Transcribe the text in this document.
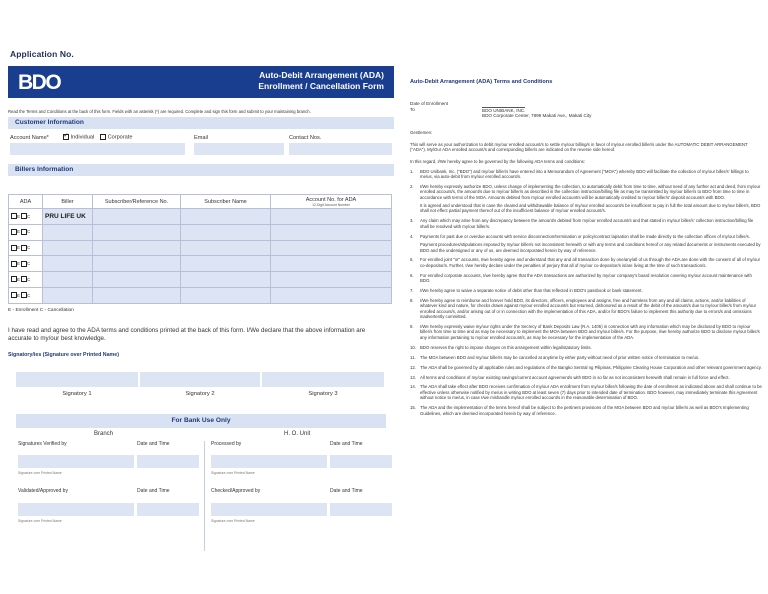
Application No.
BDO	Auto-Debit Arrangement (ADA)
Enrollment / Cancellation Form
Read the Terms and Conditions at the back of this form. Fields with an asterisk (*) are required. Complete and sign this form and submit to your maintaining branch.
Customer Information
Account Name* ✓	Individual	Corporate	Email	Contact Nos.
Billers Information
ADA	Biller	Subscriber/Reference No.	Subscriber Name	Account No. for ADA
12-Digit Account Number

E C	PRU LIFE UK			
E C				
E C				
E C				
E C				
E C				
E - Enrollment C - Cancellation
I have read and agree to the ADA terms and conditions printed at the back of this form. I/We declare that the above information are accurate to my/our best knowledge.
Signatory/ies (Signature over Printed Name)
Signatory 1	Signatory 2	Signatory 3
For Bank Use Only
Branch	H. O. Unit
Signatures Verified by	Date and Time	Processed by	Date and Time
Signature over Printed Name	Signature over Printed Name
Validated/Approved by	Date and Time	Checked/Approved by	Date and Time
Signature over Printed Name	Signature over Printed Name
Auto-Debit Arrangement (ADA) Terms and Conditions
Date of Enrollment
To	BDO UNIBANK, INC.
BDO Corporate Center, 7899 Makati Ave., Makati City
Gentlemen:
This will serve as your authorization to debit my/our enrolled account/s to settle my/our billing/s in favor of my/our enrolled biller/s under the AUTOMATIC DEBIT ARRANGEMENT ("ADA"). My/Our ADA enrolled account/s and corresponding biller/s are indicated on the reverse side hereof.
In this regard, I/We hereby agree to be governed by the following ADA terms and conditions:
1. BDO Unibank, Inc. ("BDO") and my/our biller/s have entered into a Memorandum of Agreement ("MOA") whereby BDO will facilitate the collection of my/our biller/s' billings to me/us, via auto-debit from my/our enrolled account/s.
2. I/We hereby expressly authorize BDO, unless change of implementing the collection, to automatically debit from time to time, without need of any further act and deed, from my/our enrolled account/s, the amount/s due to my/our biller/s as described in the collection instruction/billing file as may be transmitted by my/our biller/s to BDO from time to time in accordance with terms of the MOA. Amounts debited from my/our enrolled account/s will be automatically credited to my/our biller/s' deposit account/s with BDO.
It is agreed and understood that in case the cleared and withdrawable balance of my/our enrolled account/s be insufficient to pay in full the total amount due to my/our biller/s, BDO shall not effect partial payment thereof out of the insufficient balance of my/our enrolled account/s.
3. Any claim which may arise from any discrepancy between the amount/s debited from my/our enrolled account/s and that stated in my/our biller/s' collection instruction/billing file shall be resolved with my/our biller/s.
4. Payments for past due or overdue accounts with service disconnection/termination or policy/contract lapsation shall be made directly to the collection offices of my/our biller/s.
Payment procedures/stipulations imposed by my/our biller/s not inconsistent herewith or with any terms and conditions hereof or any related documents or instruments executed by BDO and the undersigned or any of us, are deemed incorporated herein by way of reference.
5. For enrolled joint "or" accounts, I/we hereby agree and understand that any and all transaction done by one/any/all of us through the ADA are done with the consent of all of my/our co-depositor/s. Further, I/we hereby declare under the penalties of perjury that all of my/our co-depositor/s is/are living at the time of such transaction/s.
6. For enrolled corporate accounts, I/we hereby agree that the ADA transactions are authorized by my/our company's board resolution covering my/our account maintenance with BDO.
7. I/We hereby agree to waive a separate notice of debit other than that reflected in BDO's passbook or bank statement.
8. I/We hereby agree to reimburse and forever hold BDO, its directors, officers, employees and assigns, free and harmless from any and all claims, actions, and/or liabilities of whatever kind and nature, for checks drawn against my/our enrolled account/s but returned, dishonored as a result of the debit of the amount/s due to my/our biller/s from my/our enrolled account/s, and/or arising out of or in connection with the implementation of this ADA, and/or for BDO's failure to implement this authority due to errors/s and omissions inadvertently committed.
9. I/We hereby expressly waive my/our rights under the Secrecy of Bank Deposits Law (R.A. 1405) in connection with any information which may be disclosed by BDO to my/our biller/s from time to time and as may be necessary to implement the MOA between BDO and my/our biller/s. For the purpose, I/we hereby authorize BDO to disclose my/our biller/s any information pertaining to my/our enrolled account/s, as may be necessary for the implementation of the ADA.
10. BDO reserves the right to impose charges on this arrangement within legal/statutory limits.
11. The MOA between BDO and my/our biller/s may be cancelled at anytime by either party without need of prior written notice of termination to me/us.
12. The ADA shall be governed by all applicable rules and regulations of the Bangko Sentral ng Pilipinas, Philippine Clearing House Corporation and other relevant government agency.
13. All terms and conditions of my/our existing savings/current account agreement/s with BDO in so far as not inconsistent herewith shall remain in full force and effect.
14. The ADA shall take effect after BDO receives confirmation of my/our ADA enrollment from my/our biller/s following the date of enrollment as indicated above and shall continue to be effective unless otherwise notified by me/us in writing BDO at least seven (7) days prior to intended date of termination. BDO however, may immediately terminate this Agreement without notice to me/us, in case I/we mishandle my/our enrolled account/s in the reasonable determination of BDO.
15. The ADA and the implementation of the terms hereof shall be subject to the pertinent provisions of the MOA between BDO and my/our biller/s as well as BDO's Implementing Guidelines, which are deemed incorporated herein by way of reference.
